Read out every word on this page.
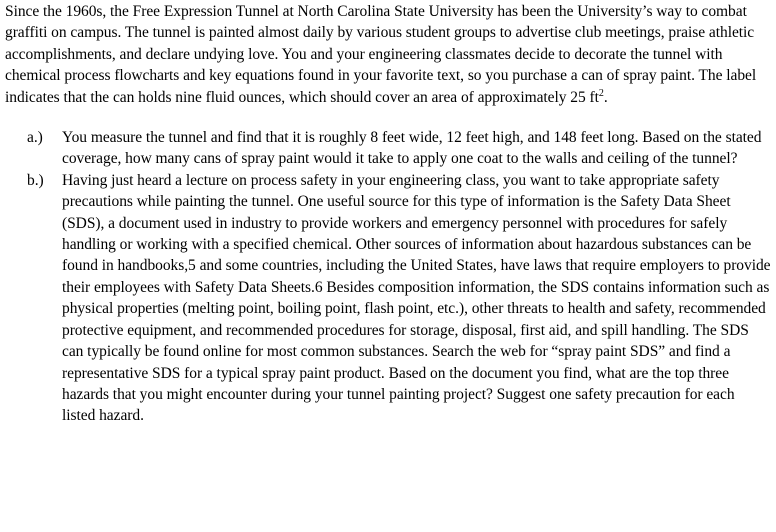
Since the 1960s, the Free Expression Tunnel at North Carolina State University has been the University’s way to combat graffiti on campus. The tunnel is painted almost daily by various student groups to advertise club meetings, praise athletic accomplishments, and declare undying love. You and your engineering classmates decide to decorate the tunnel with chemical process flowcharts and key equations found in your favorite text, so you purchase a can of spray paint. The label indicates that the can holds nine fluid ounces, which should cover an area of approximately 25 $ft^2$.

a.) You measure the tunnel and find that it is roughly 8 feet wide, 12 feet high, and 148 feet long. Based on the stated coverage, how many cans of spray paint would it take to apply one coat to the walls and ceiling of the tunnel?
b.) Having just heard a lecture on process safety in your engineering class, you want to take appropriate safety precautions while painting the tunnel. One useful source for this type of information is the Safety Data Sheet (SDS), a document used in industry to provide workers and emergency personnel with procedures for safely handling or working with a specified chemical. Other sources of information about hazardous substances can be found in handbooks,5 and some countries, including the United States, have laws that require employers to provide their employees with Safety Data Sheets.6 Besides composition information, the SDS contains information such as physical properties (melting point, boiling point, flash point, etc.), other threats to health and safety, recommended protective equipment, and recommended procedures for storage, disposal, first aid, and spill handling. The SDS can typically be found online for most common substances. Search the web for “spray paint SDS” and find a representative SDS for a typical spray paint product. Based on the document you find, what are the top three hazards that you might encounter during your tunnel painting project? Suggest one safety precaution for each listed hazard.
